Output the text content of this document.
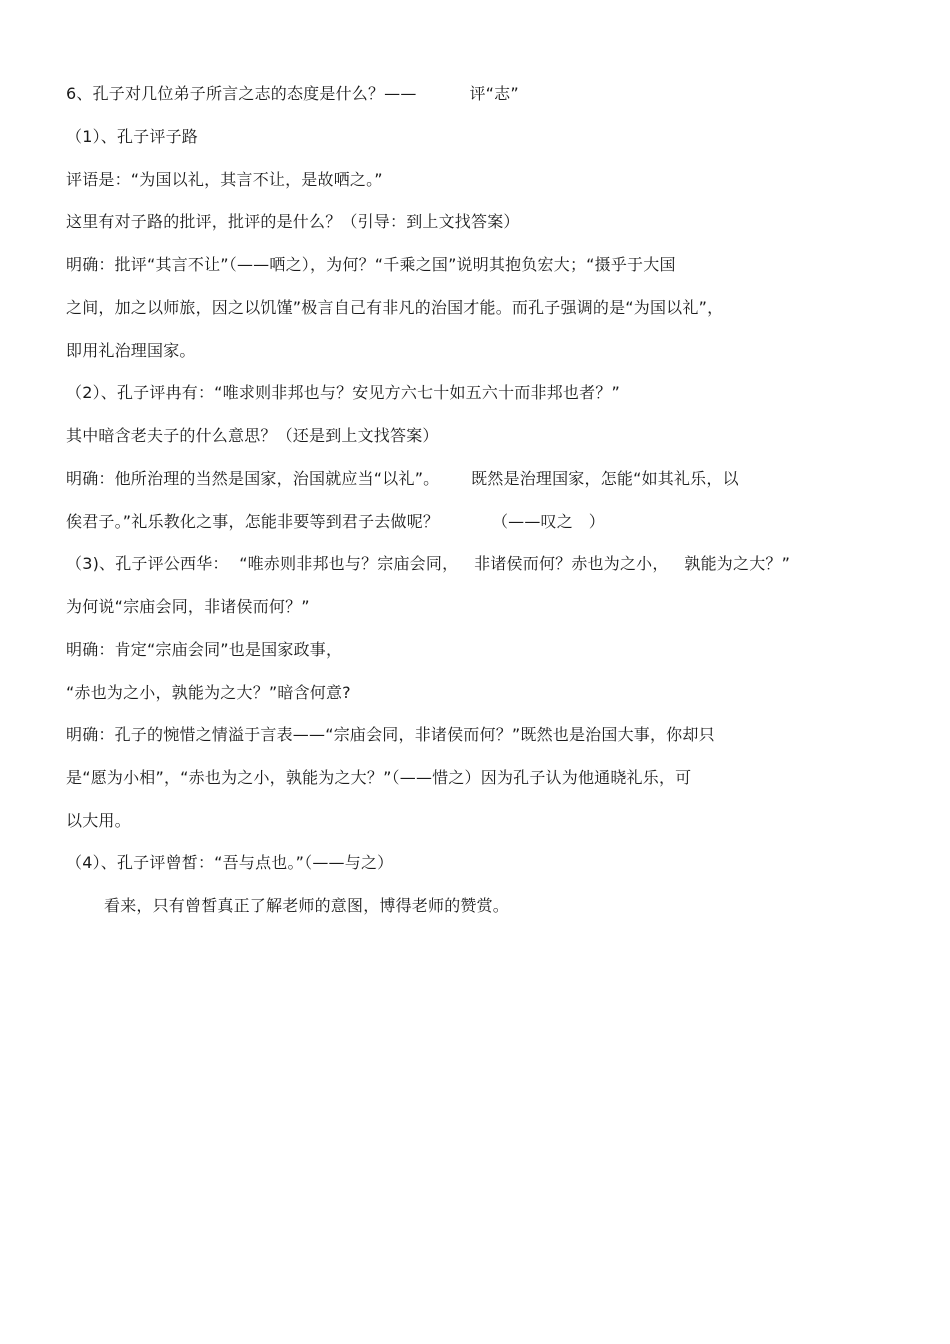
6、孔子对几位弟子所言之志的态度是什么？——          评“志”
（1）、孔子评子路
评语是：“为国以礼，其言不让，是故哂之。”
这里有对子路的批评，批评的是什么？（引导：到上文找答案）
明确：批评“其言不让”（——哂之），为何？“千乘之国”说明其抱负宏大；“摄乎于大国
之间，加之以师旅，因之以饥馑”极言自己有非凡的治国才能。而孔子强调的是“为国以礼”，
即用礼治理国家。
（2）、孔子评冉有：“唯求则非邦也与？安见方六七十如五六十而非邦也者？”
其中暗含老夫子的什么意思？（还是到上文找答案）
明确：他所治理的当然是国家，治国就应当“以礼”。      既然是治理国家，怎能“如其礼乐，以
俟君子。”礼乐教化之事，怎能非要等到君子去做呢？          （——叹之   ）
（3)、孔子评公西华：  “唯赤则非邦也与？宗庙会同，   非诸侯而何？赤也为之小，   孰能为之大？”
为何说“宗庙会同，非诸侯而何？”
明确：肯定“宗庙会同”也是国家政事，
“赤也为之小，孰能为之大？”暗含何意?
明确：孔子的惋惜之情溢于言表——“宗庙会同，非诸侯而何？”既然也是治国大事，你却只
是“愿为小相”，“赤也为之小，孰能为之大？”（——惜之）因为孔子认为他通晓礼乐，可
以大用。
（4）、孔子评曾皙：“吾与点也。”（——与之）
看来，只有曾皙真正了解老师的意图，博得老师的赞赏。
